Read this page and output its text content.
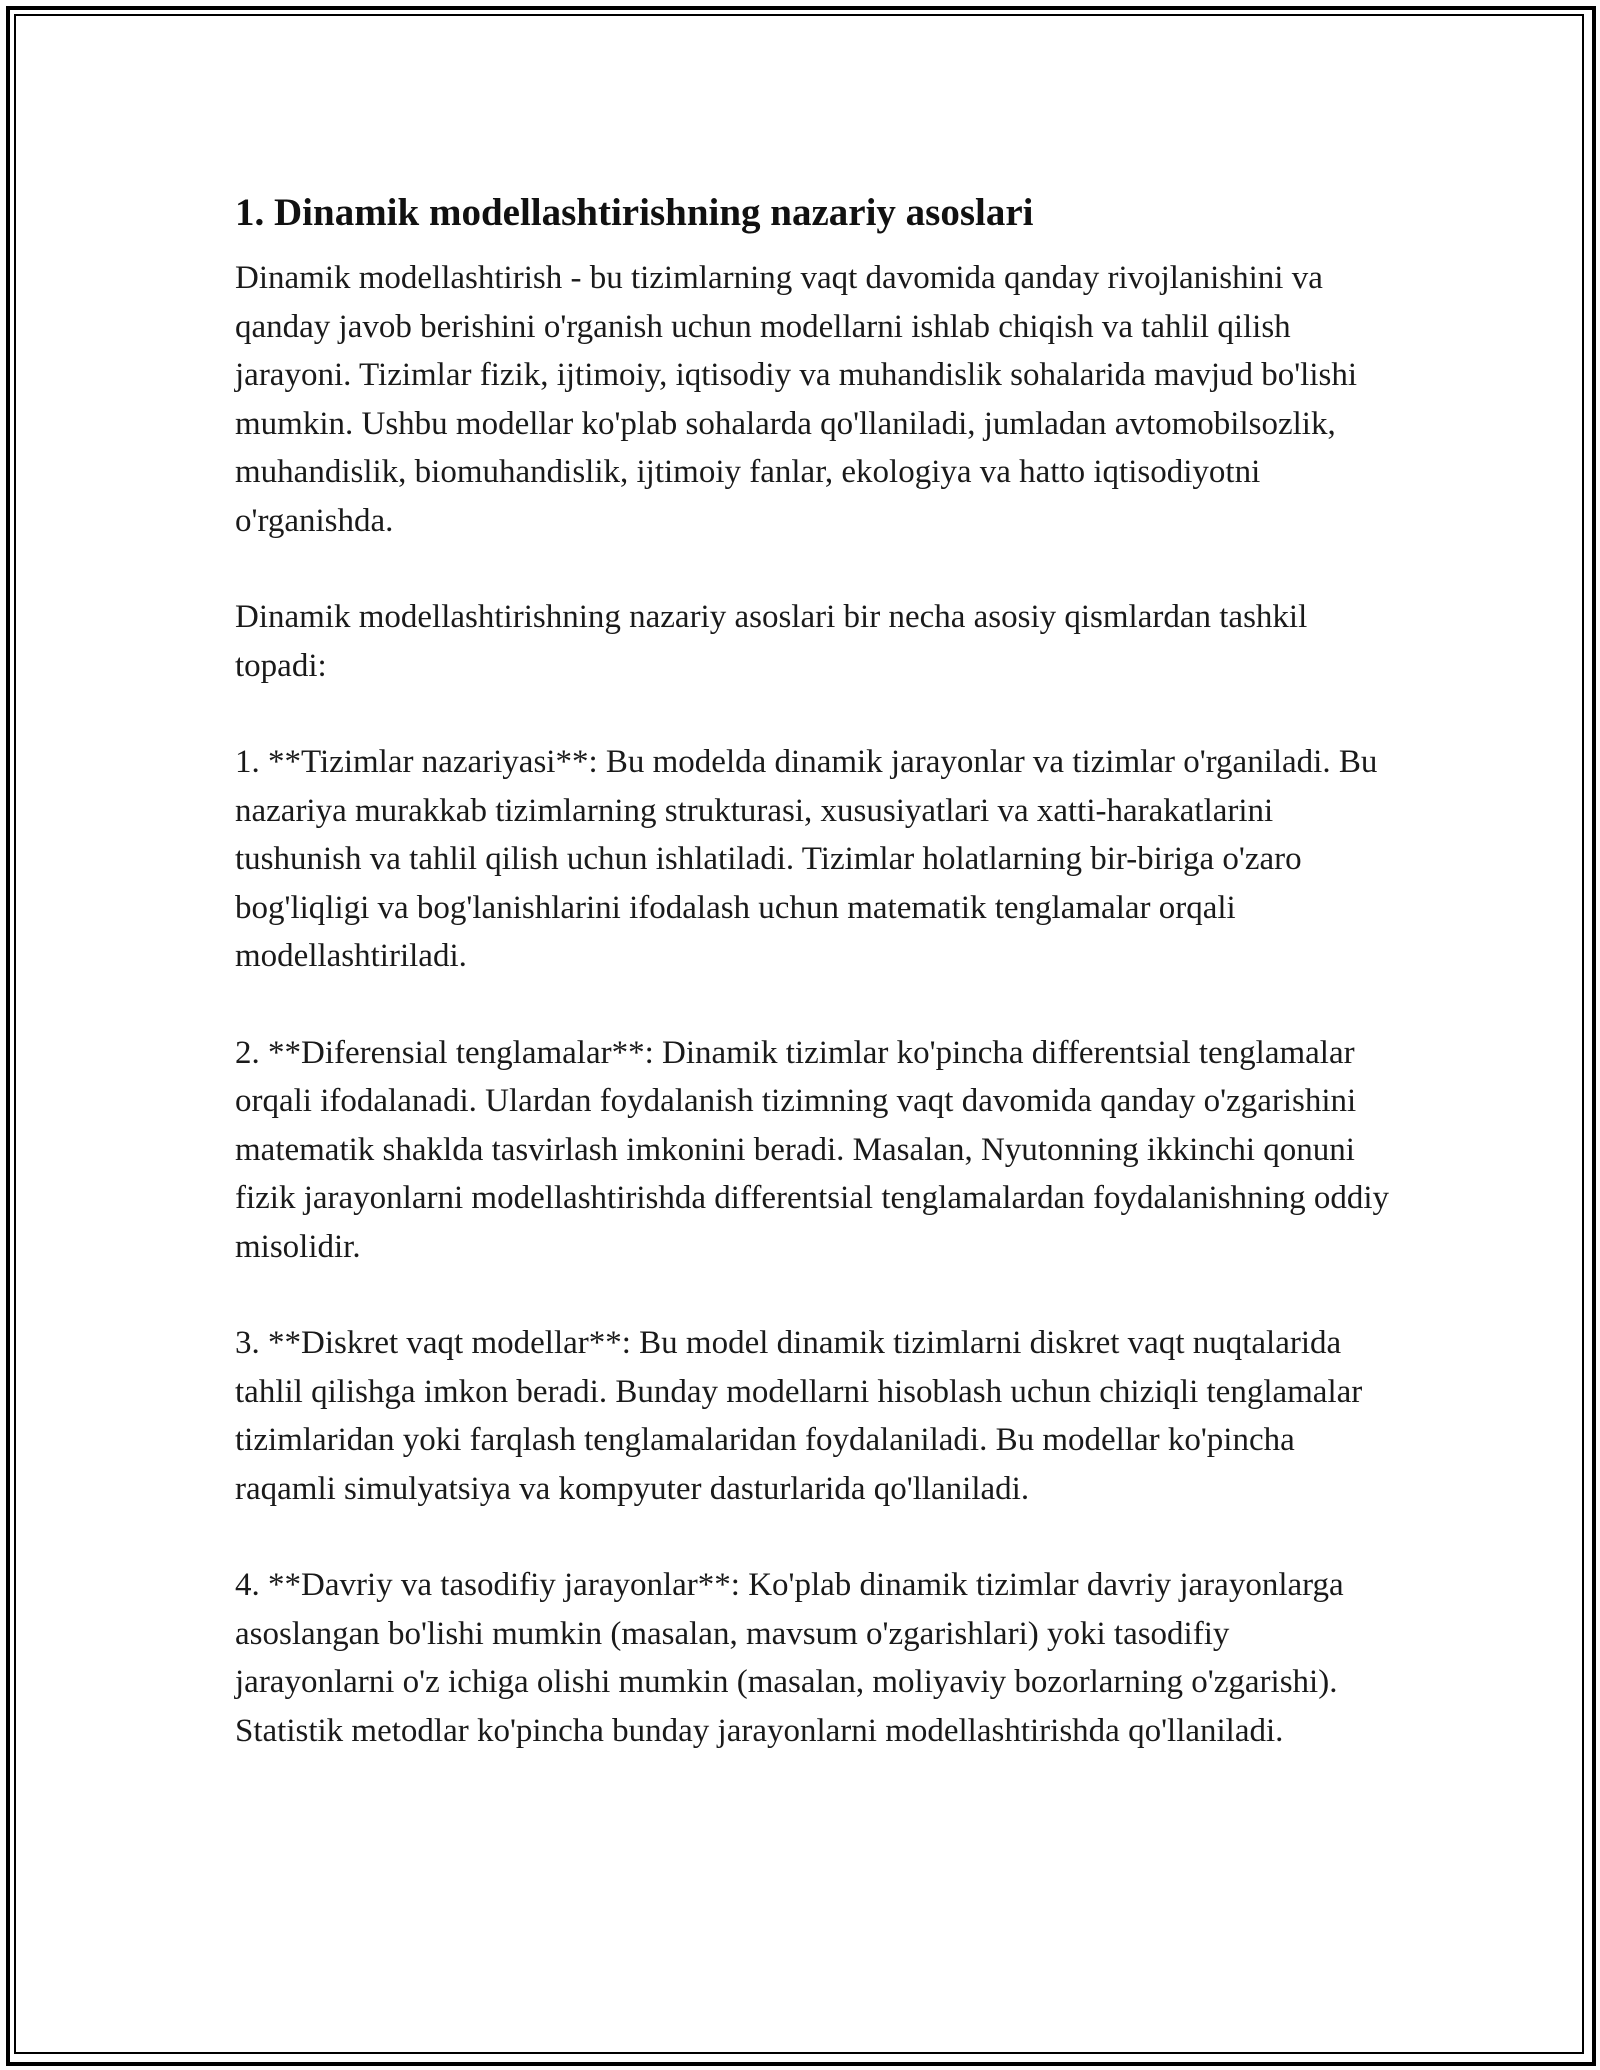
1. Dinamik modellashtirishning nazariy asoslari

Dinamik modellashtirish - bu tizimlarning vaqt davomida qanday rivojlanishini va qanday javob berishini o'rganish uchun modellarni ishlab chiqish va tahlil qilish jarayoni. Tizimlar fizik, ijtimoiy, iqtisodiy va muhandislik sohalarida mavjud bo'lishi mumkin. Ushbu modellar ko'plab sohalarda qo'llaniladi, jumladan avtomobilsozlik, muhandislik, biomuhandislik, ijtimoiy fanlar, ekologiya va hatto iqtisodiyotni o'rganishda.

Dinamik modellashtirishning nazariy asoslari bir necha asosiy qismlardan tashkil topadi:

1. **Tizimlar nazariyasi**: Bu modelda dinamik jarayonlar va tizimlar o'rganiladi. Bu nazariya murakkab tizimlarning strukturasi, xususiyatlari va xatti-harakatlarini tushunish va tahlil qilish uchun ishlatiladi. Tizimlar holatlarning bir-biriga o'zaro bog'liqligi va bog'lanishlarini ifodalash uchun matematik tenglamalar orqali modellashtiriladi.

2. **Diferensial tenglamalar**: Dinamik tizimlar ko'pincha differentsial tenglamalar orqali ifodalanadi. Ulardan foydalanish tizimning vaqt davomida qanday o'zgarishini matematik shaklda tasvirlash imkonini beradi. Masalan, Nyutonning ikkinchi qonuni fizik jarayonlarni modellashtirishda differentsial tenglamalardan foydalanishning oddiy misolidir.

3. **Diskret vaqt modellar**: Bu model dinamik tizimlarni diskret vaqt nuqtalarida tahlil qilishga imkon beradi. Bunday modellarni hisoblash uchun chiziqli tenglamalar tizimlaridan yoki farqlash tenglamalaridan foydalaniladi. Bu modellar ko'pincha raqamli simulyatsiya va kompyuter dasturlarida qo'llaniladi.

4. **Davriy va tasodifiy jarayonlar**: Ko'plab dinamik tizimlar davriy jarayonlarga asoslangan bo'lishi mumkin (masalan, mavsum o'zgarishlari) yoki tasodifiy jarayonlarni o'z ichiga olishi mumkin (masalan, moliyaviy bozorlarning o'zgarishi). Statistik metodlar ko'pincha bunday jarayonlarni modellashtirishda qo'llaniladi.
